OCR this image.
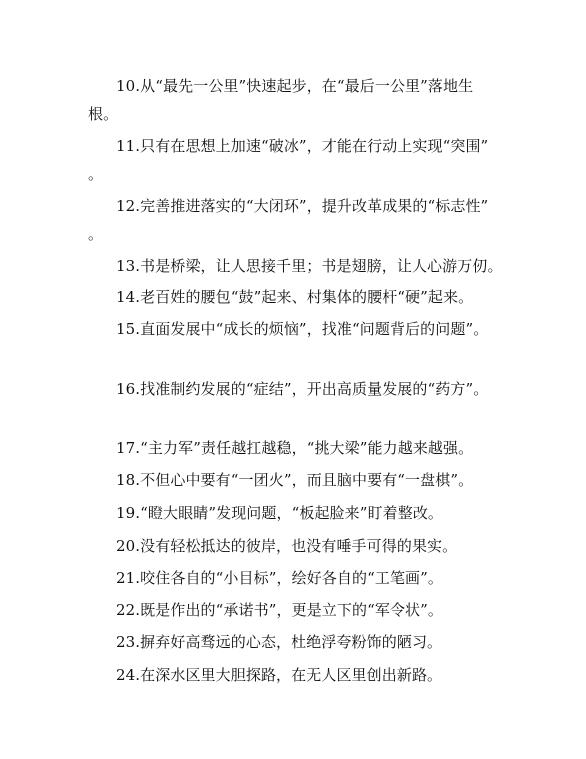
10.从“最先一公里”快速起步，在“最后一公里”落地生
根。
11.只有在思想上加速“破冰”，才能在行动上实现“突围”
。
12.完善推进落实的“大闭环”，提升改革成果的“标志性”
。
13.书是桥梁，让人思接千里；书是翅膀，让人心游万仞。
14.老百姓的腰包“鼓”起来、村集体的腰杆“硬”起来。
15.直面发展中“成长的烦恼”，找准“问题背后的问题”。
16.找准制约发展的“症结”，开出高质量发展的“药方”。
17.“主力军”责任越扛越稳，“挑大梁”能力越来越强。
18.不但心中要有“一团火”，而且脑中要有“一盘棋”。
19.“瞪大眼睛”发现问题，“板起脸来”盯着整改。
20.没有轻松抵达的彼岸，也没有唾手可得的果实。
21.咬住各自的“小目标”，绘好各自的“工笔画”。
22.既是作出的“承诺书”，更是立下的“军令状”。
23.摒弃好高骛远的心态，杜绝浮夸粉饰的陋习。
24.在深水区里大胆探路，在无人区里创出新路。
